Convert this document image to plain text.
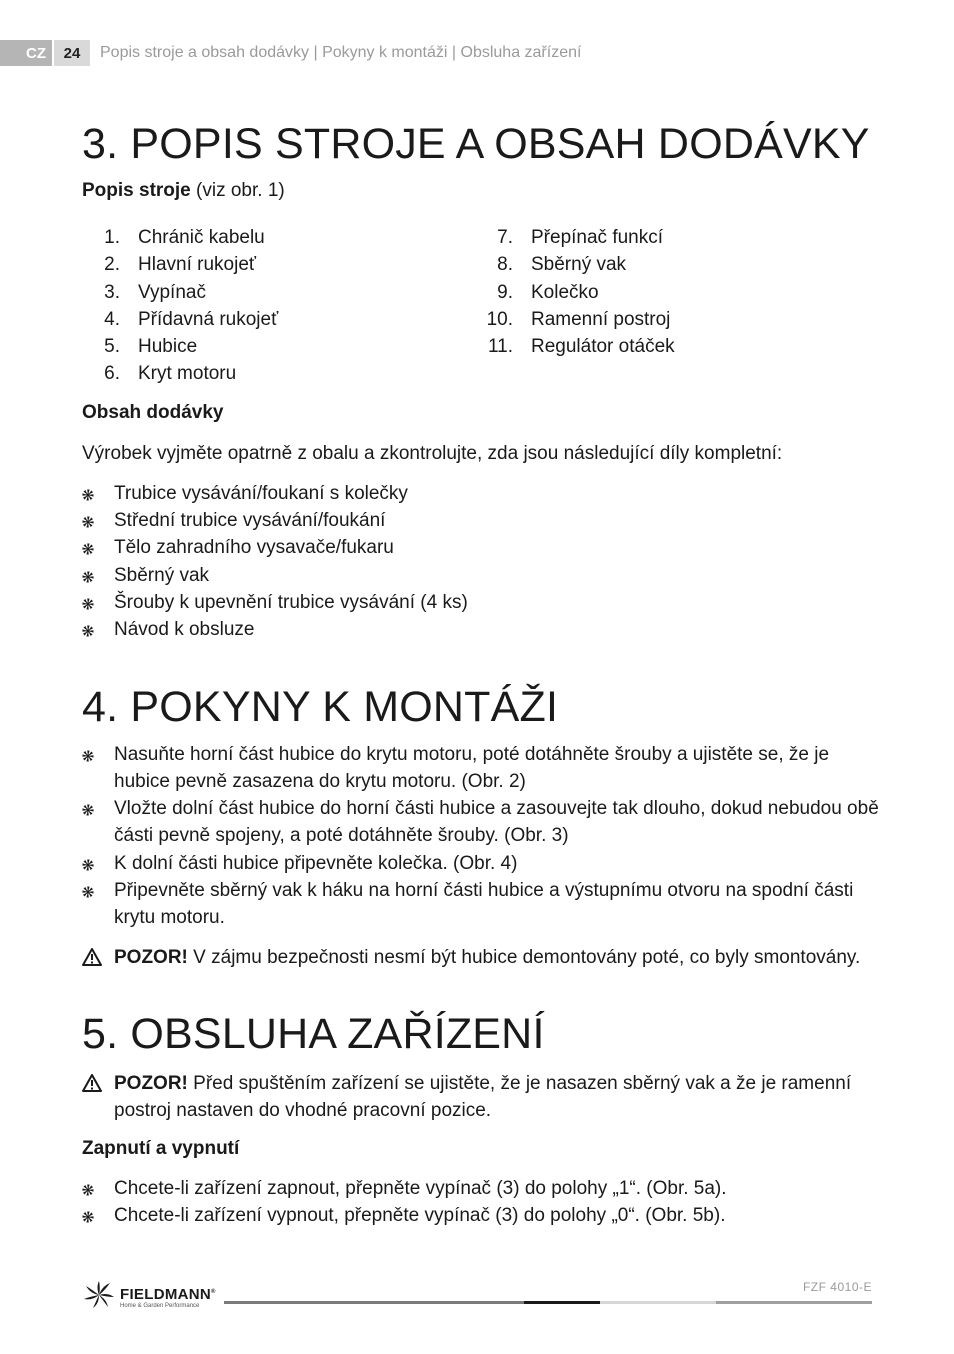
CZ	24	Popis stroje a obsah dodávky | Pokyny k montáži | Obsluha zařízení
3. POPIS STROJE A OBSAH DODÁVKY
Popis stroje (viz obr. 1)
1. Chránič kabelu
2. Hlavní rukojeť
3. Vypínač
4. Přídavná rukojeť
5. Hubice
6. Kryt motoru
7. Přepínač funkcí
8. Sběrný vak
9. Kolečko
10. Ramenní postroj
11. Regulátor otáček
Obsah dodávky

Výrobek vyjměte opatrně z obalu a zkontrolujte, zda jsou následující díly kompletní:

Trubice vysávání/foukaní s kolečky
Střední trubice vysávání/foukání
Tělo zahradního vysavače/fukaru
Sběrný vak
Šrouby k upevnění trubice vysávání (4 ks)
Návod k obsluze
4. POKYNY K MONTÁŽI
Nasuňte horní část hubice do krytu motoru, poté dotáhněte šrouby a ujistěte se, že je hubice pevně zasazena do krytu motoru. (Obr. 2)
Vložte dolní část hubice do horní části hubice a zasouvejte tak dlouho, dokud nebudou obě části pevně spojeny, a poté dotáhněte šrouby. (Obr. 3)
K dolní části hubice připevněte kolečka. (Obr. 4)
Připevněte sběrný vak k háku na horní části hubice a výstupnímu otvoru na spodní části krytu motoru.
POZOR! V zájmu bezpečnosti nesmí být hubice demontovány poté, co byly smontovány.
5. OBSLUHA ZAŘÍZENÍ
POZOR! Před spuštěním zařízení se ujistěte, že je nasazen sběrný vak a že je ramenní postroj nastaven do vhodné pracovní pozice.
Zapnutí a vypnutí
Chcete-li zařízení zapnout, přepněte vypínač (3) do polohy „1“. (Obr. 5a).
Chcete-li zařízení vypnout, přepněte vypínač (3) do polohy „0“. (Obr. 5b).
FIELDMANN®
Home & Garden Performance
FZF 4010-E
